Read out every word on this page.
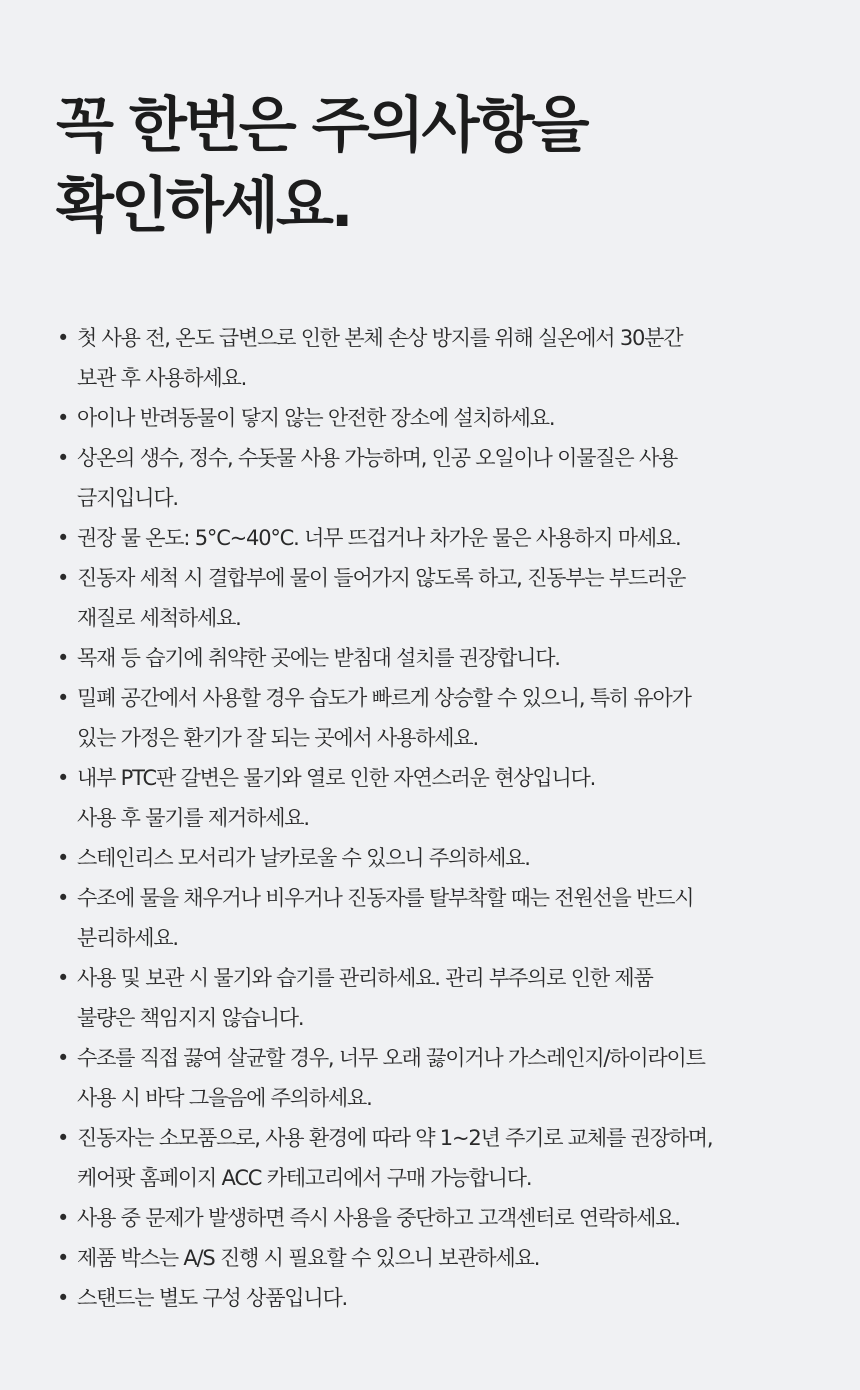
꼭 한번은 주의사항을
확인하세요.
• 첫 사용 전, 온도 급변으로 인한 본체 손상 방지를 위해 실온에서 30분간
보관 후 사용하세요.
• 아이나 반려동물이 닿지 않는 안전한 장소에 설치하세요.
• 상온의 생수, 정수, 수돗물 사용 가능하며, 인공 오일이나 이물질은 사용
금지입니다.
• 권장 물 온도: 5°C~40°C. 너무 뜨겁거나 차가운 물은 사용하지 마세요.
• 진동자 세척 시 결합부에 물이 들어가지 않도록 하고, 진동부는 부드러운
재질로 세척하세요.
• 목재 등 습기에 취약한 곳에는 받침대 설치를 권장합니다.
• 밀폐 공간에서 사용할 경우 습도가 빠르게 상승할 수 있으니, 특히 유아가
있는 가정은 환기가 잘 되는 곳에서 사용하세요.
• 내부 PTC판 갈변은 물기와 열로 인한 자연스러운 현상입니다.
사용 후 물기를 제거하세요.
• 스테인리스 모서리가 날카로울 수 있으니 주의하세요.
• 수조에 물을 채우거나 비우거나 진동자를 탈부착할 때는 전원선을 반드시
분리하세요.
• 사용 및 보관 시 물기와 습기를 관리하세요. 관리 부주의로 인한 제품
불량은 책임지지 않습니다.
• 수조를 직접 끓여 살균할 경우, 너무 오래 끓이거나 가스레인지/하이라이트
사용 시 바닥 그을음에 주의하세요.
• 진동자는 소모품으로, 사용 환경에 따라 약 1~2년 주기로 교체를 권장하며,
케어팟 홈페이지 ACC 카테고리에서 구매 가능합니다.
• 사용 중 문제가 발생하면 즉시 사용을 중단하고 고객센터로 연락하세요.
• 제품 박스는 A/S 진행 시 필요할 수 있으니 보관하세요.
• 스탠드는 별도 구성 상품입니다.
